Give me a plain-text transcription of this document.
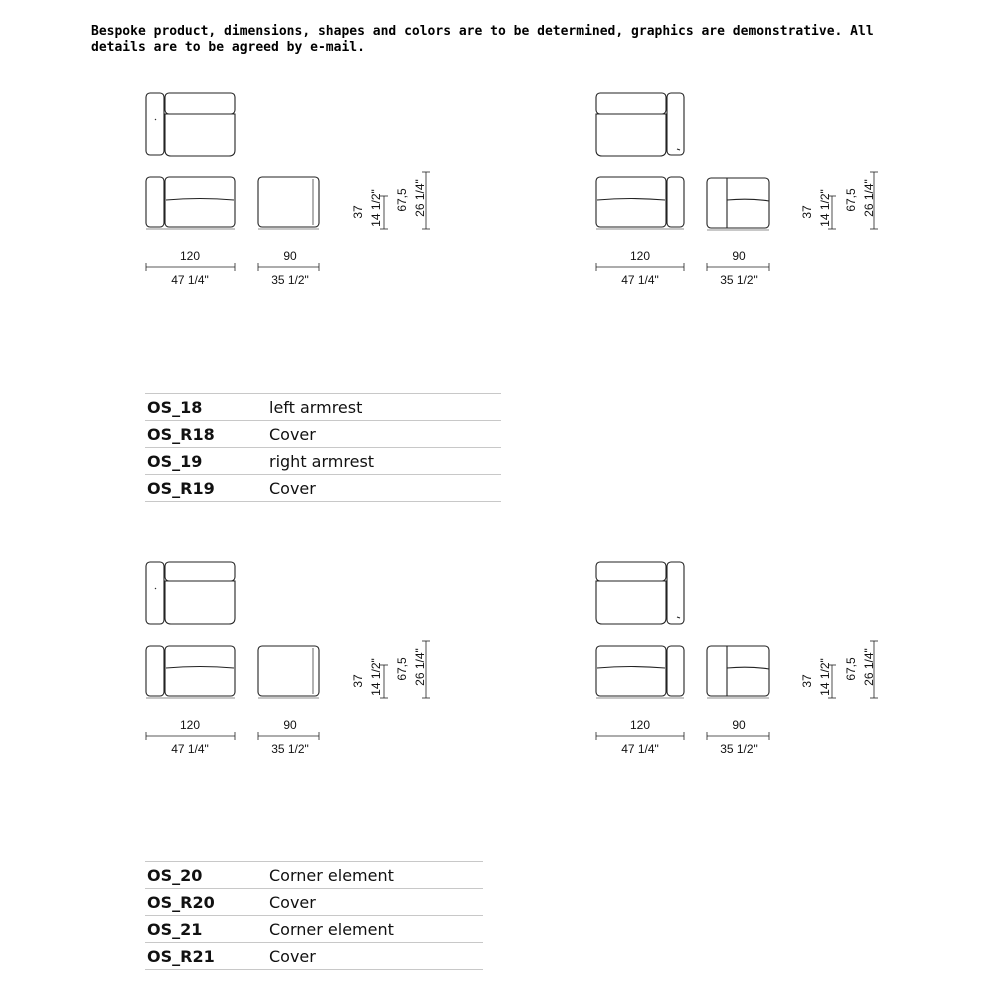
Bespoke product, dimensions, shapes and colors are to be determined, graphics are demonstrative. All details are to be agreed by e-mail.
120
47 1/4"
90
35 1/2"
37 14 1/2" 67,5 26 1/4"
120
47 1/4"
90
35 1/2"
37 14 1/2" 67,5 26 1/4"
120
47 1/4"
90
35 1/2"
37 14 1/2" 67,5 26 1/4"
120
47 1/4"
90
35 1/2"
37 14 1/2" 67,5 26 1/4"
OS_18	left armrest
OS_R18	Cover
OS_19	right armrest
OS_R19	Cover
OS_20	Corner element
OS_R20	Cover
OS_21	Corner element
OS_R21	Cover
